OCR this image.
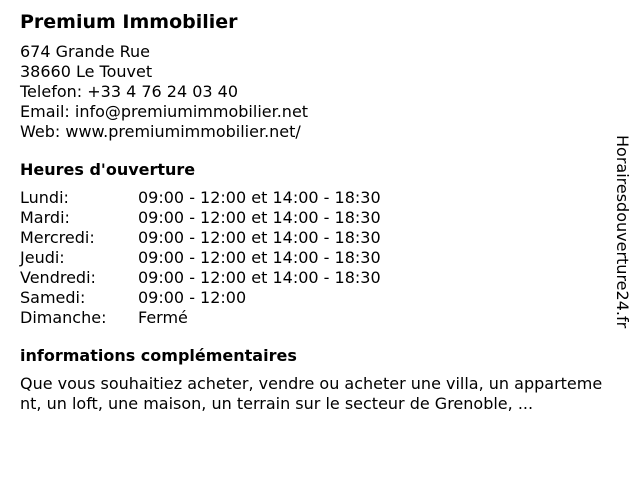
Premium Immobilier
674 Grande Rue
38660 Le Touvet
Telefon: +33 4 76 24 03 40
Email: info@premiumimmobilier.net
Web: www.premiumimmobilier.net/
Heures d'ouverture
Lundi:	09:00 - 12:00 et 14:00 - 18:30
Mardi:	09:00 - 12:00 et 14:00 - 18:30
Mercredi:	09:00 - 12:00 et 14:00 - 18:30
Jeudi:	09:00 - 12:00 et 14:00 - 18:30
Vendredi:	09:00 - 12:00 et 14:00 - 18:30
Samedi:	09:00 - 12:00
Dimanche: Fermé
informations complémentaires
Que vous souhaitiez acheter, vendre ou acheter une villa, un appartement, un loft, une maison, un terrain sur le secteur de Grenoble, ...
Horairesdouverture24.fr
